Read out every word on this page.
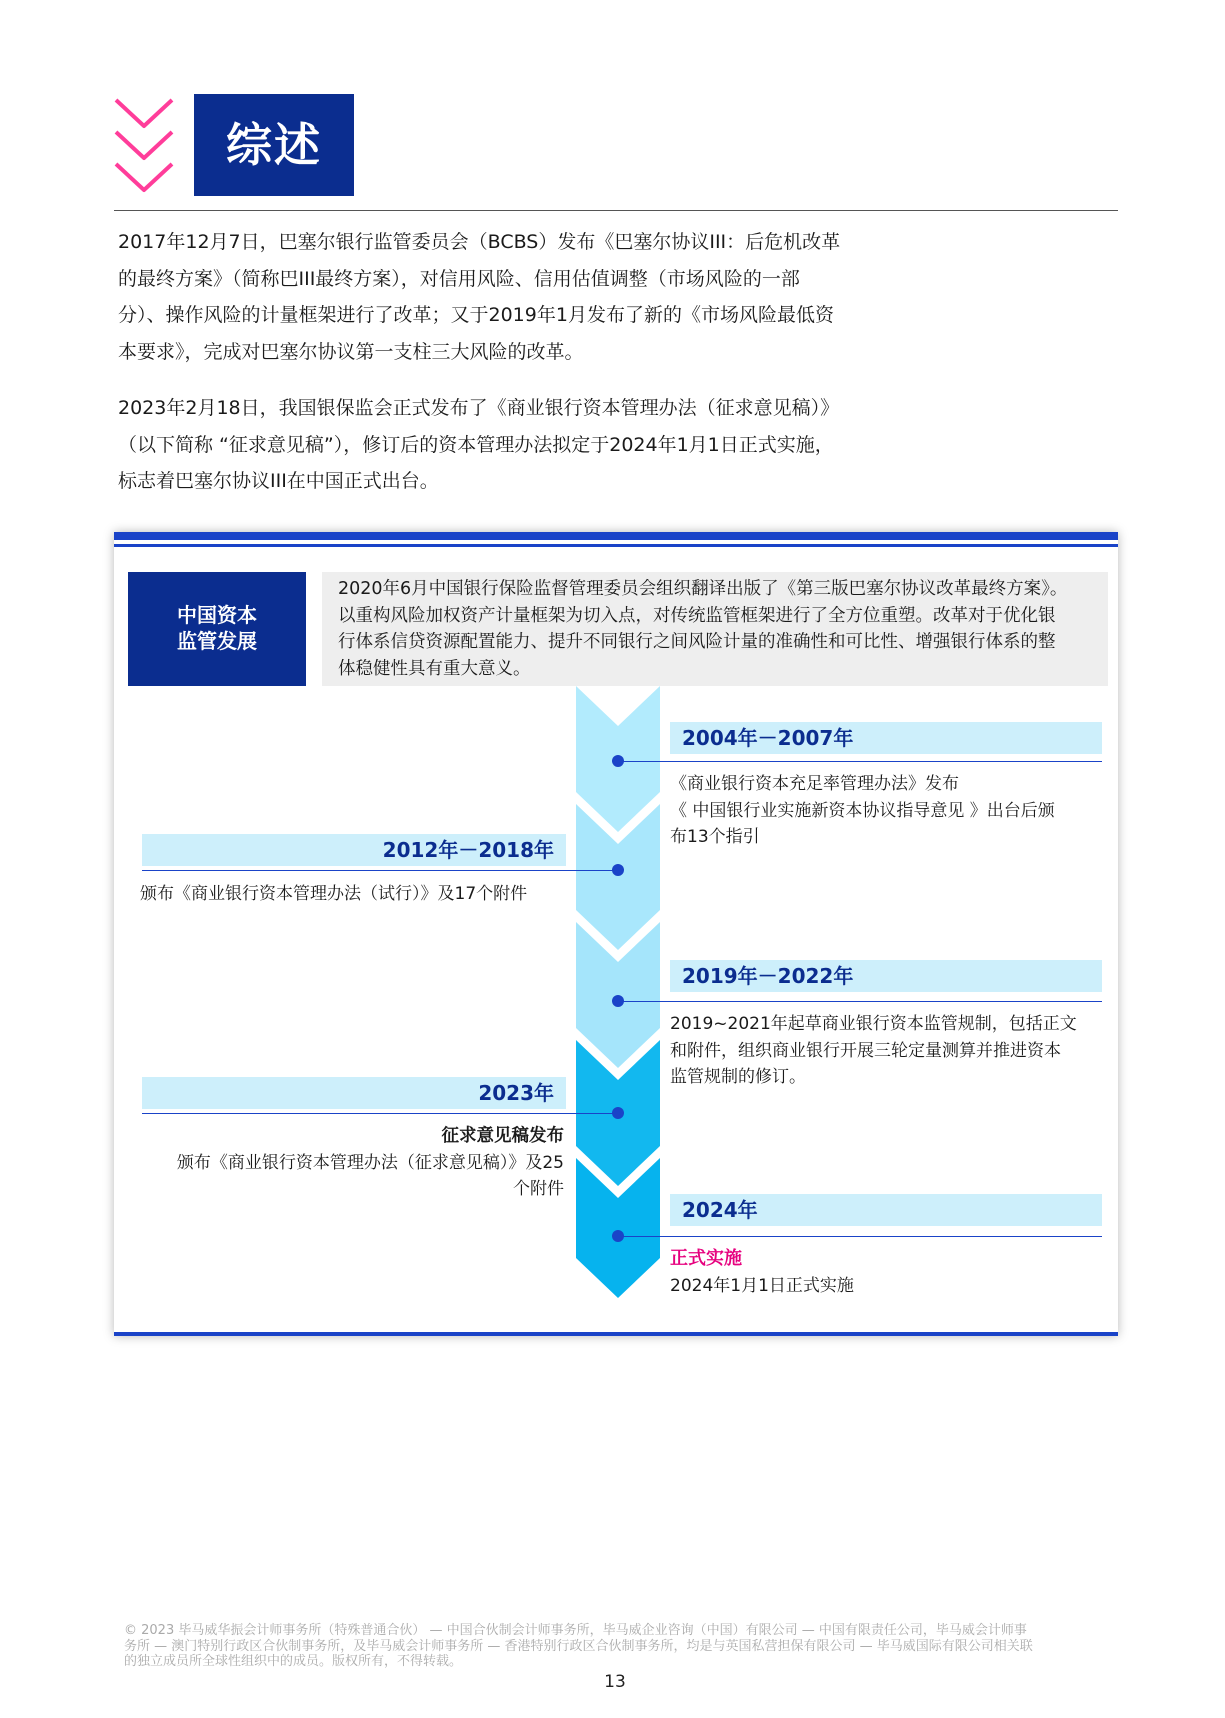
综述
2017年12月7日，巴塞尔银行监管委员会（BCBS）发布《巴塞尔协议III：后危机改革
的最终方案》（简称巴III最终方案），对信用风险、信用估值调整（市场风险的一部
分）、操作风险的计量框架进行了改革；又于2019年1月发布了新的《市场风险最低资
本要求》，完成对巴塞尔协议第一支柱三大风险的改革。
2023年2月18日，我国银保监会正式发布了《商业银行资本管理办法（征求意见稿）》
（以下简称 “征求意见稿”），修订后的资本管理办法拟定于2024年1月1日正式实施，
标志着巴塞尔协议III在中国正式出台。
中国资本
监管发展
2020年6月中国银行保险监督管理委员会组织翻译出版了《第三版巴塞尔协议改革最终方案》。
以重构风险加权资产计量框架为切入点，对传统监管框架进行了全方位重塑。改革对于优化银
行体系信贷资源配置能力、提升不同银行之间风险计量的准确性和可比性、增强银行体系的整
体稳健性具有重大意义。
2004年－2007年
《商业银行资本充足率管理办法》发布
《 中国银行业实施新资本协议指导意见 》出台后颁
布13个指引
2012年－2018年
颁布《商业银行资本管理办法（试行）》及17个附件
2019年－2022年
2019~2021年起草商业银行资本监管规制，包括正文
和附件，组织商业银行开展三轮定量测算并推进资本
监管规制的修订。
2023年
征求意见稿发布
颁布《商业银行资本管理办法（征求意见稿）》及25
个附件
2024年
正式实施
2024年1月1日正式实施
© 2023 毕马威华振会计师事务所（特殊普通合伙） — 中国合伙制会计师事务所，毕马威企业咨询（中国）有限公司 — 中国有限责任公司，毕马威会计师事
务所 — 澳门特别行政区合伙制事务所，及毕马威会计师事务所 — 香港特别行政区合伙制事务所，均是与英国私营担保有限公司 — 毕马威国际有限公司相关联
的独立成员所全球性组织中的成员。版权所有，不得转载。
13
